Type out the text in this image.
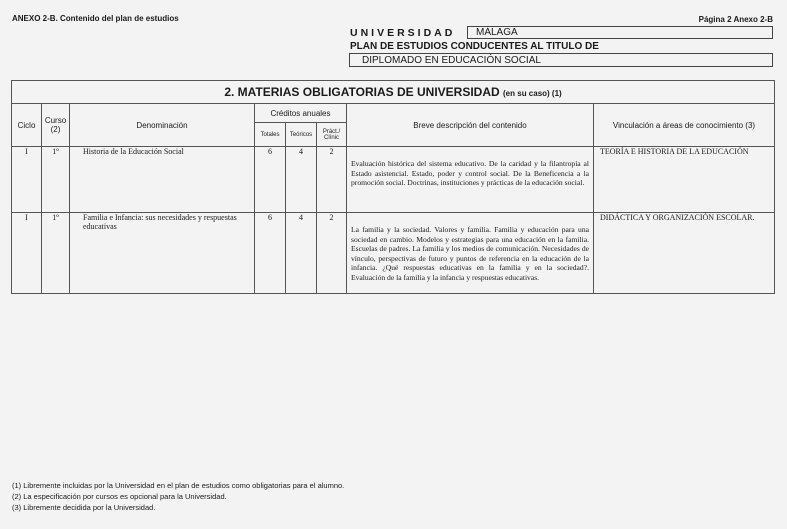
ANEXO 2-B. Contenido del plan de estudios	Página 2 Anexo 2-B
UNIVERSIDAD	MÁLAGA
PLAN DE ESTUDIOS CONDUCENTES AL TITULO DE
DIPLOMADO EN EDUCACIÓN SOCIAL
2. MATERIAS OBLIGATORIAS DE UNIVERSIDAD (en su caso) (1)							
Ciclo	Curso (2)	Denominación	Créditos anuales			Breve descripción del contenido	Vinculación a áreas de conocimiento (3)
			Totales	Teóricos	Práct./ Clínic		
I	1º	Historia de la Educación Social	6	4	2	Evaluación histórica del sistema educativo. De la caridad y la filantropía al Estado asistencial. Estado, poder y control social. De la Beneficencia a la promoción social. Doctrinas, instituciones y prácticas de la educación social.	TEORÍA E HISTORIA DE LA EDUCACIÓN
I	1º	Familia e Infancia: sus necesidades y respuestas educativas	6	4	2	La familia y la sociedad. Valores y familia. Familia y educación para una sociedad en cambio. Modelos y estrategias para una educación en la familia. Escuelas de padres. La familia y los medios de comunicación. Necesidades de vínculo, perspectivas de futuro y puntos de referencia en la educación de la infancia. ¿Qué respuestas educativas en la familia y en la sociedad?. Evaluación de la familia y la infancia y respuestas educativas.	DIDÁCTICA Y ORGANIZACIÓN ESCOLAR.
(1) Libremente incluidas por la Universidad en el plan de estudios como obligatorias para el alumno.
(2) La especificación por cursos es opcional para la Universidad.
(3) Libremente decidida por la Universidad.
